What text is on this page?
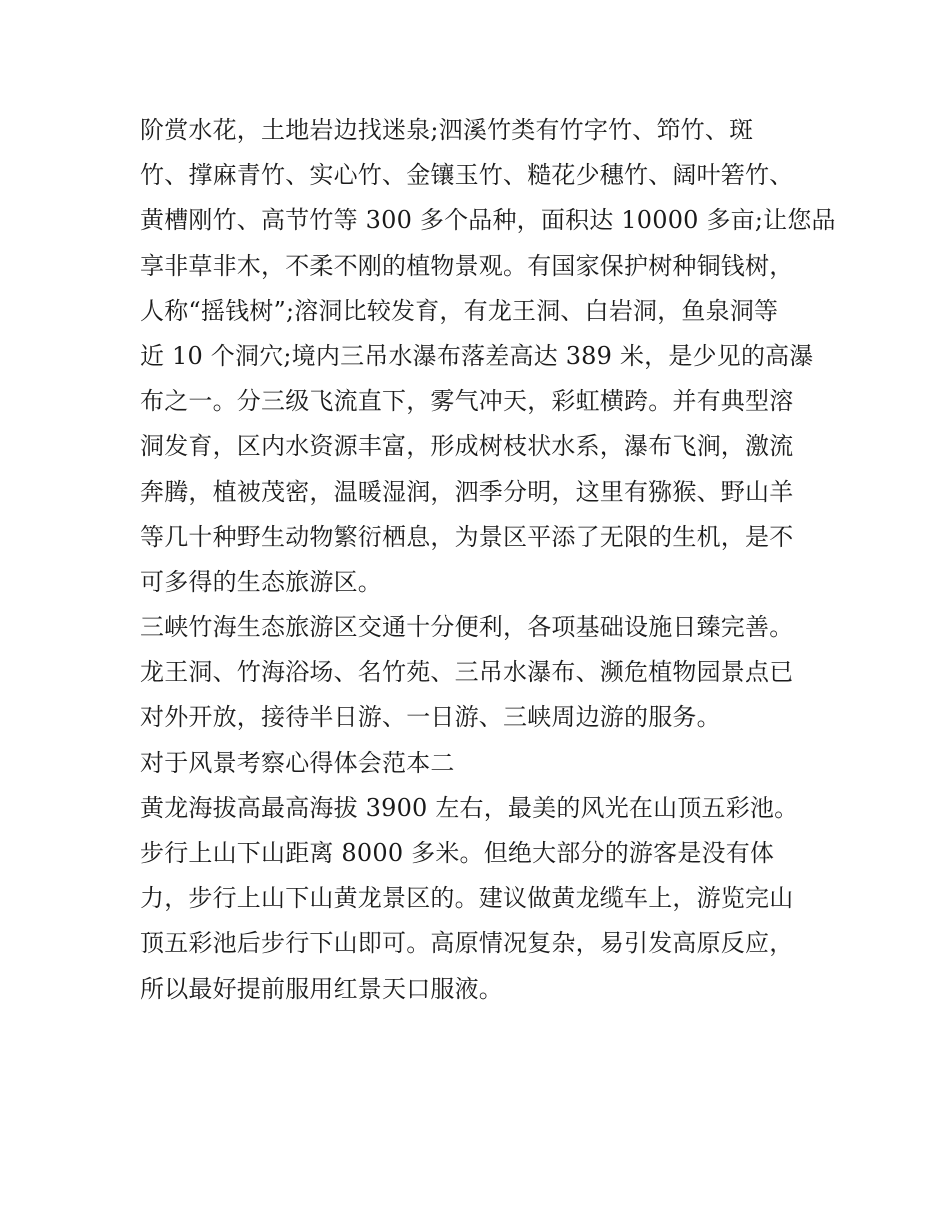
阶赏水花，土地岩边找迷泉;泗溪竹类有竹字竹、笻竹、斑
竹、撑麻青竹、实心竹、金镶玉竹、糙花少穗竹、阔叶箬竹、
黄槽刚竹、高节竹等 300 多个品种，面积达 10000 多亩;让您品
享非草非木，不柔不刚的植物景观。有国家保护树种铜钱树，
人称“摇钱树”;溶洞比较发育，有龙王洞、白岩洞，鱼泉洞等
近 10 个洞穴;境内三吊水瀑布落差高达 389 米，是少见的高瀑
布之一。分三级飞流直下，雾气冲天，彩虹横跨。并有典型溶
洞发育，区内水资源丰富，形成树枝状水系，瀑布飞涧，激流
奔腾，植被茂密，温暖湿润，泗季分明，这里有猕猴、野山羊
等几十种野生动物繁衍栖息，为景区平添了无限的生机，是不
可多得的生态旅游区。
三峡竹海生态旅游区交通十分便利，各项基础设施日臻完善。
龙王洞、竹海浴场、名竹苑、三吊水瀑布、濒危植物园景点已
对外开放，接待半日游、一日游、三峡周边游的服务。
对于风景考察心得体会范本二
黄龙海拔高最高海拔 3900 左右，最美的风光在山顶五彩池。
步行上山下山距离 8000 多米。但绝大部分的游客是没有体
力，步行上山下山黄龙景区的。建议做黄龙缆车上，游览完山
顶五彩池后步行下山即可。高原情况复杂，易引发高原反应，
所以最好提前服用红景天口服液。
